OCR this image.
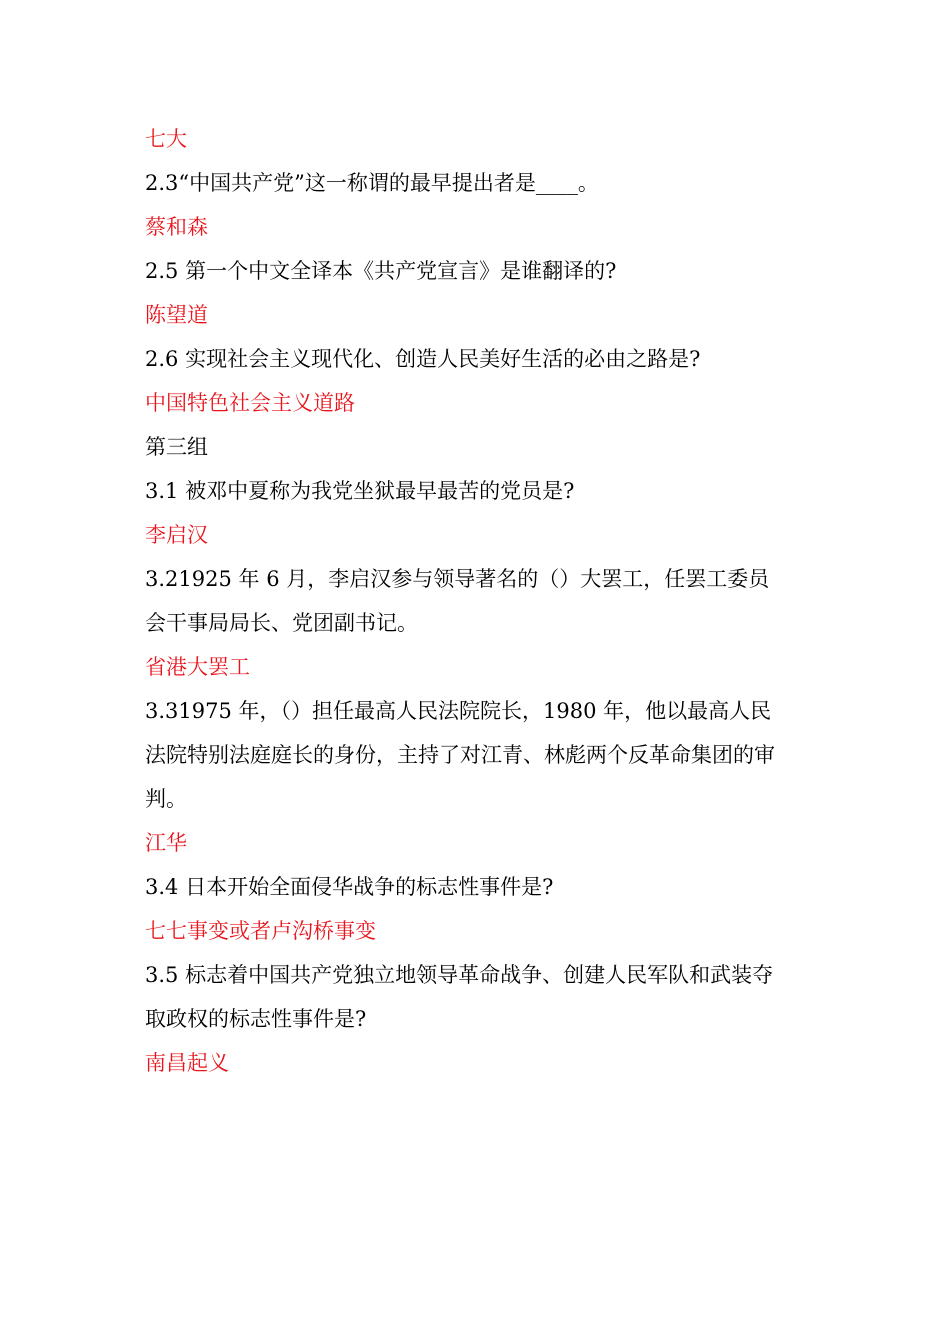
七大
2.3“中国共产党”这一称谓的最早提出者是____。
蔡和森
2.5 第一个中文全译本《共产党宣言》是谁翻译的?
陈望道
2.6 实现社会主义现代化、创造人民美好生活的必由之路是?
中国特色社会主义道路
第三组
3.1 被邓中夏称为我党坐狱最早最苦的党员是?
李启汉
3.21925 年 6 月，李启汉参与领导著名的（）大罢工，任罢工委员
会干事局局长、党团副书记。
省港大罢工
3.31975 年，（）担任最高人民法院院长，1980 年，他以最高人民
法院特别法庭庭长的身份，主持了对江青、林彪两个反革命集团的审
判。
江华
3.4 日本开始全面侵华战争的标志性事件是?
七七事变或者卢沟桥事变
3.5 标志着中国共产党独立地领导革命战争、创建人民军队和武装夺
取政权的标志性事件是?
南昌起义
